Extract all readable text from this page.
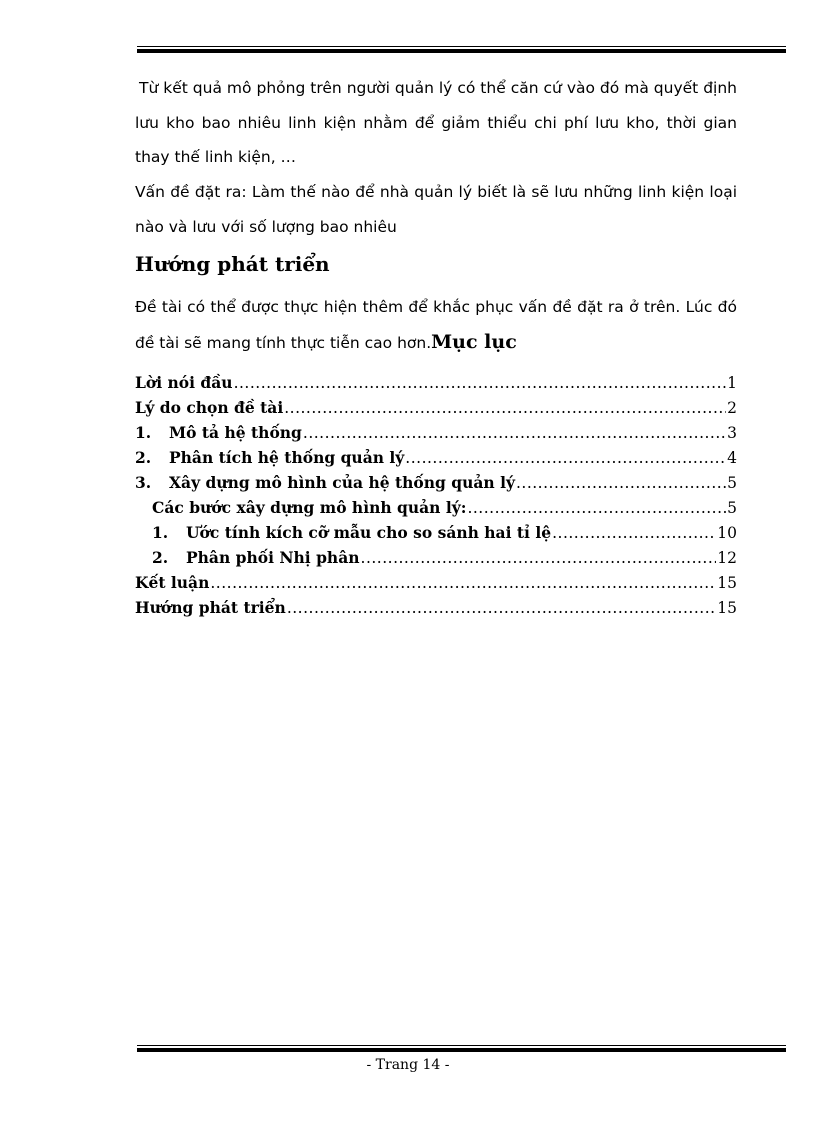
Từ kết quả mô phỏng trên người quản lý có thể căn cứ vào đó mà quyết định lưu kho bao nhiêu linh kiện nhằm để giảm thiểu chi phí lưu kho, thời gian thay thế linh kiện, …
Vấn đề đặt ra: Làm thế nào để nhà quản lý biết là sẽ lưu những linh kiện loại nào và lưu với số lượng bao nhiêu
Hướng phát triển
Đề tài có thể được thực hiện thêm để khắc phục vấn đề đặt ra ở trên. Lúc đó đề tài sẽ mang tính thực tiễn cao hơn.Mục lục
Lời nói đầu .....	1
Lý do chọn đề tài .....	2
1.	Mô tả hệ thống .....	3
2.	Phân tích hệ thống quản lý .....	4
3.	Xây dựng mô hình của hệ thống quản lý .....	5
Các bước xây dựng mô hình quản lý: .....	5
1.	Ước tính kích cỡ mẫu cho so sánh hai tỉ lệ .....	10
2.	Phân phối Nhị phân .....	12
Kết luận .....	15
Hướng phát triển .....	15
- Trang 14 -
